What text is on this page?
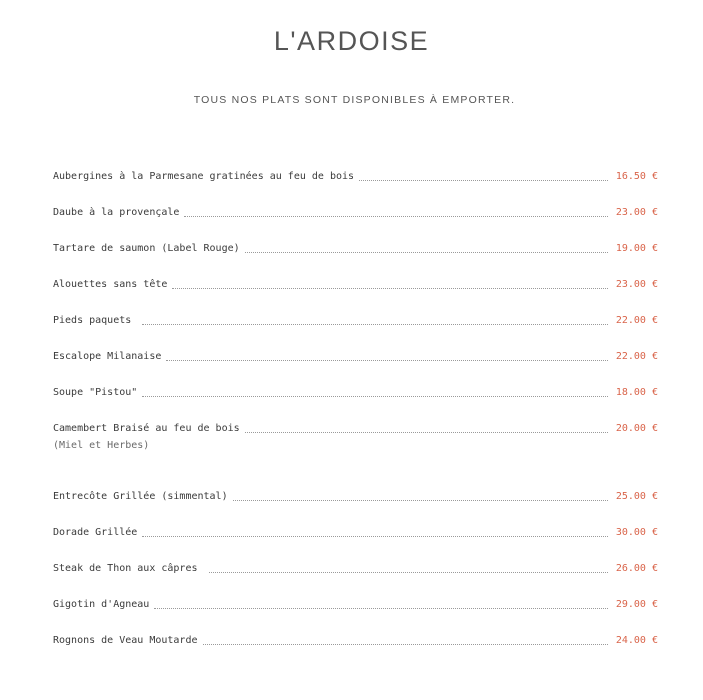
L'ARDOISE
TOUS NOS PLATS SONT DISPONIBLES À EMPORTER.
Aubergines à la Parmesane gratinées au feu de bois	16.50 €
Daube à la provençale	23.00 €
Tartare de saumon (Label Rouge)	19.00 €
Alouettes sans tête	23.00 €
Pieds paquets	22.00 €
Escalope Milanaise	22.00 €
Soupe "Pistou"	18.00 €
Camembert Braisé au feu de bois	20.00 €
(Miel et Herbes)
Entrecôte Grillée (simmental)	25.00 €
Dorade Grillée	30.00 €
Steak de Thon aux câpres	26.00 €
Gigotin d'Agneau	29.00 €
Rognons de Veau Moutarde	24.00 €
